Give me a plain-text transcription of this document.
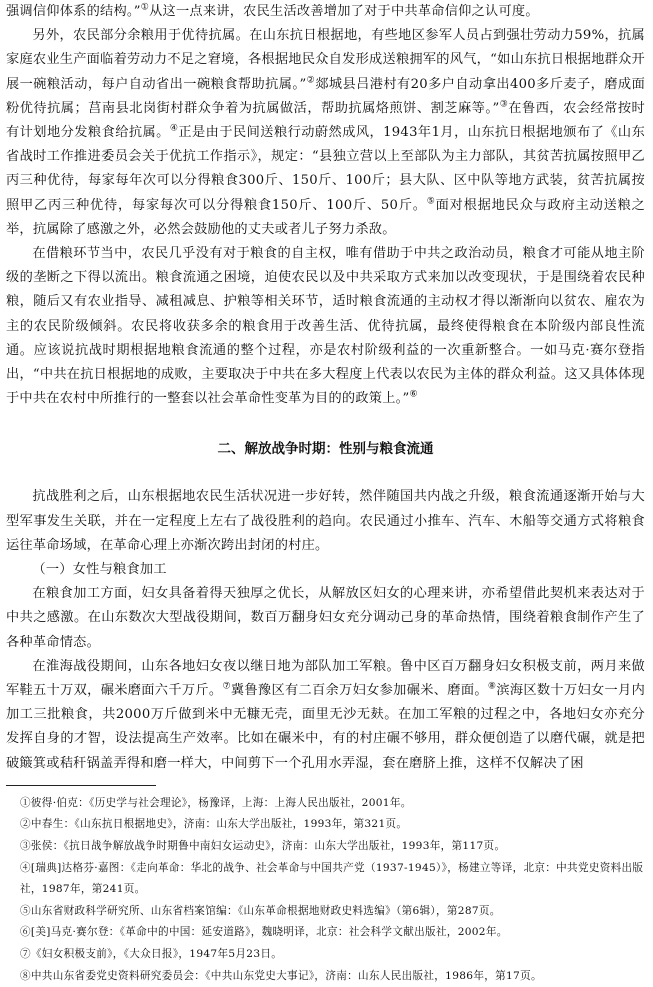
强调信仰体系的结构。”①从这一点来讲，农民生活改善增加了对于中共革命信仰之认可度。

另外，农民部分余粮用于优待抗属。在山东抗日根据地，有些地区参军人员占到强壮劳动力59%，抗属家庭农业生产面临着劳动力不足之窘境，各根据地民众自发形成送粮拥军的风气，“如山东抗日根据地群众开展一碗粮活动，每户自动省出一碗粮食帮助抗属。”②郯城县吕港村有20多户自动拿出400多斤麦子，磨成面粉优待抗属；莒南县北岗街村群众争着为抗属做活，帮助抗属烙煎饼、割芝麻等。”③在鲁西，农会经常按时有计划地分发粮食给抗属。④正是由于民间送粮行动蔚然成风，1943年1月，山东抗日根据地颁布了《山东省战时工作推进委员会关于优抗工作指示》，规定：“县独立营以上至部队为主力部队，其贫苦抗属按照甲乙丙三种优待，每家每年次可以分得粮食300斤、150斤、100斤；县大队、区中队等地方武装，贫苦抗属按照甲乙丙三种优待，每家每次可以分得粮食150斤、100斤、50斤。⑤面对根据地民众与政府主动送粮之举，抗属除了感激之外，必然会鼓励他的丈夫或者儿子努力杀敌。

在借粮环节当中，农民几乎没有对于粮食的自主权，唯有借助于中共之政治动员，粮食才可能从地主阶级的垄断之下得以流出。粮食流通之困境，迫使农民以及中共采取方式来加以改变现状，于是围绕着农民种粮，随后又有农业指导、减租减息、护粮等相关环节，适时粮食流通的主动权才得以渐渐向以贫农、雇农为主的农民阶级倾斜。农民将收获多余的粮食用于改善生活、优待抗属，最终使得粮食在本阶级内部良性流通。应该说抗战时期根据地粮食流通的整个过程，亦是农村阶级利益的一次重新整合。一如马克·赛尔登指出，“中共在抗日根据地的成败，主要取决于中共在多大程度上代表以农民为主体的群众利益。这又具体体现于中共在农村中所推行的一整套以社会革命性变革为目的的政策上。”⑥

二、解放战争时期：性别与粮食流通

抗战胜利之后，山东根据地农民生活状况进一步好转，然伴随国共内战之升级，粮食流通逐渐开始与大型军事发生关联，并在一定程度上左右了战役胜利的趋向。农民通过小推车、汽车、木船等交通方式将粮食运往革命场域，在革命心理上亦渐次跨出封闭的村庄。

（一）女性与粮食加工

在粮食加工方面，妇女具备着得天独厚之优长，从解放区妇女的心理来讲，亦希望借此契机来表达对于中共之感激。在山东数次大型战役期间，数百万翻身妇女充分调动己身的革命热情，围绕着粮食制作产生了各种革命情态。

在淮海战役期间，山东各地妇女夜以继日地为部队加工军粮。鲁中区百万翻身妇女积极支前，两月来做军鞋五十万双，碾米磨面六千万斤。⑦冀鲁豫区有二百余万妇女参加碾米、磨面。⑧滨海区数十万妇女一月内加工三批粮食，共2000万斤做到米中无糠无壳，面里无沙无麸。在加工军粮的过程之中，各地妇女亦充分发挥自身的才智，设法提高生产效率。比如在碾米中，有的村庄碾不够用，群众便创造了以磨代碾，就是把破簸箕或秸秆锅盖弄得和磨一样大，中间剪下一个孔用水弄湿，套在磨脐上推，这样不仅解决了困

①彼得·伯克：《历史学与社会理论》，杨豫译，上海：上海人民出版社，2001年。

②中春生：《山东抗日根据地史》，济南：山东大学出版社，1993年，第321页。

③张侯：《抗日战争解放战争时期鲁中南妇女运动史》，济南：山东大学出版社，1993年，第117页。

④[瑞典]达格芬·嘉图：《走向革命：华北的战争、社会革命与中国共产党（1937-1945）》，杨建立等译，北京：中共党史资料出版社，1987年，第241页。

⑤山东省财政科学研究所、山东省档案馆编：《山东革命根据地财政史料选编》（第6辑），第287页。

⑥[美]马克·赛尔登：《革命中的中国：延安道路》，魏晓明译，北京：社会科学文献出版社，2002年。

⑦《妇女积极支前》，《大众日报》，1947年5月23日。

⑧中共山东省委党史资料研究委员会：《中共山东党史大事记》，济南：山东人民出版社，1986年，第17页。
